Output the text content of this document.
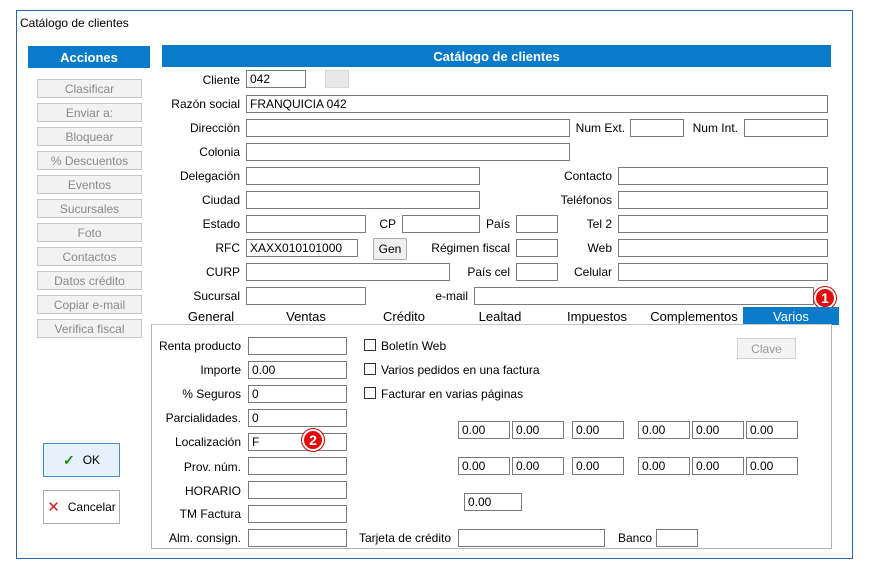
Catálogo de clientes
Acciones
Clasificar
Enviar a:
Bloquear
% Descuentos
Eventos
Sucursales
Foto
Contactos
Datos crédito
Copiar e-mail
Verifica fiscal
Catálogo de clientes
Cliente 042
Razón social FRANQUICIA 042
Dirección	Num Ext.	Num Int.
Colonia
Delegación	Contacto
Ciudad	Teléfonos
Estado	CP	País	Tel 2
RFC XAXX010101000	Gen	Régimen fiscal	Web
CURP	País cel	Celular
Sucursal	e-mail	1
General	Ventas	Crédito	Lealtad	Impuestos	Complementos	Varios
Renta producto
Importe 0.00
% Seguros 0
Parcialidades. 0
Localización F	2
Prov. núm.
HORARIO
TM Factura
Alm. consign.	Tarjeta de crédito	Banco
Boletín Web
Varios pedidos en una factura
Facturar en varias páginas
Clave
0.00	0.00	0.00	0.00	0.00	0.00
0.00	0.00	0.00	0.00	0.00	0.00
0.00
✓ OK
✕ Cancelar
